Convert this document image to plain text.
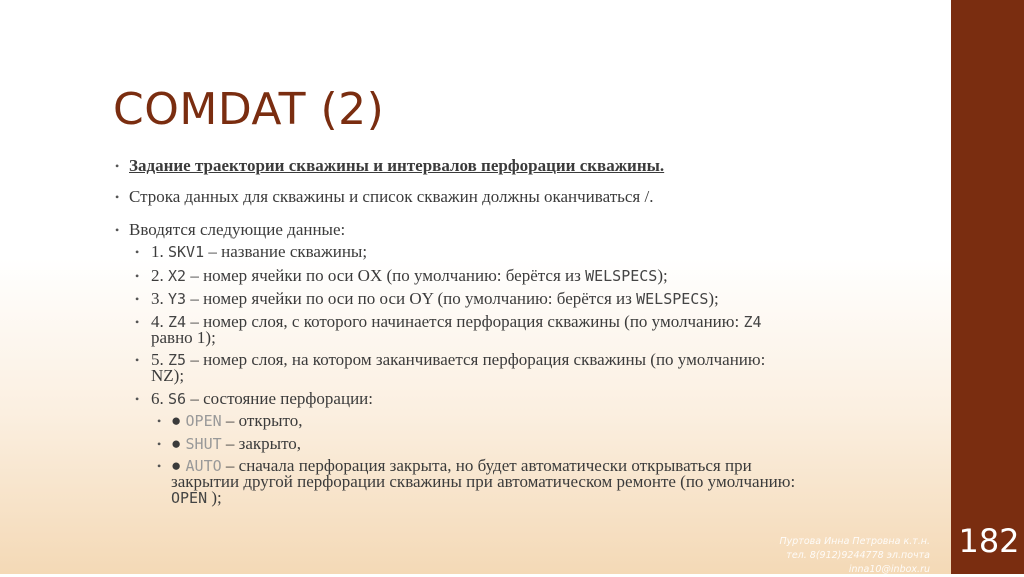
COMDAT (2)
• Задание траектории скважины и интервалов перфорации скважины.
• Строка данных для скважины и список скважин должны оканчиваться /.
• Вводятся следующие данные:
• 1. SKV1 – название скважины;
• 2. X2 – номер ячейки по оси OX (по умолчанию: берётся из WELSPECS);
• 3. Y3 – номер ячейки по оси по оси OY (по умолчанию: берётся из WELSPECS);
• 4. Z4 – номер слоя, с которого начинается перфорация скважины (по умолчанию: Z4 равно 1);
• 5. Z5 – номер слоя, на котором заканчивается перфорация скважины (по умолчанию: NZ);
• 6. S6 – состояние перфорации:
• ● OPEN – открыто,
• ● SHUT – закрыто,
• ● AUTO – сначала перфорация закрыта, но будет автоматически открываться при закрытии другой перфорации скважины при автоматическом ремонте (по умолчанию: OPEN );
Пуртова Инна Петровна к.т.н.
тел. 8(912)9244778 эл.почта
inna10@inbox.ru
182
